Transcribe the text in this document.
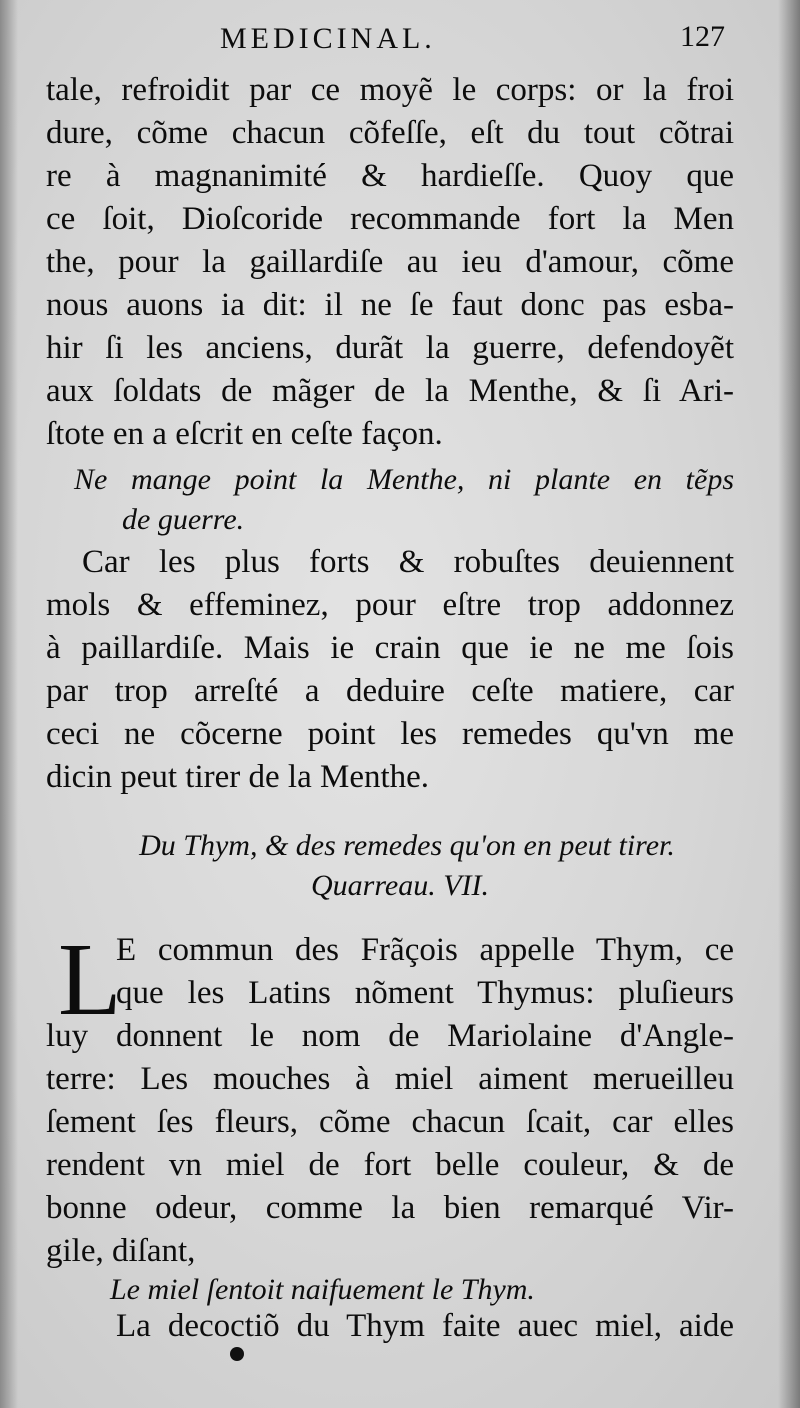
MEDICINAL.	127
tale, refroidit par ce moyẽ le corps: or la froi
dure, cõme chacun cõfeſſe, eſt du tout cõtrai
re à magnanimité & hardieſſe. Quoy que
ce ſoit, Dioſcoride recommande fort la Men
the, pour la gaillardiſe au ieu d'amour, cõme
nous auons ia dit: il ne ſe faut donc pas esba-
hir ſi les anciens, durãt la guerre, defendoyẽt
aux ſoldats de mãger de la Menthe, & ſi Ari-
ſtote en a eſcrit en ceſte façon.
Ne mange point la Menthe, ni plante en tẽps
de guerre.
Car les plus forts & robuſtes deuiennent
mols & effeminez, pour eſtre trop addonnez
à paillardiſe. Mais ie crain que ie ne me ſois
par trop arreſté a deduire ceſte matiere, car
ceci ne cõcerne point les remedes qu'vn me
dicin peut tirer de la Menthe.
Du Thym, & des remedes qu'on en peut tirer.
Quarreau. VII.
L
E commun des Frãçois appelle Thym, ce
que les Latins nõment Thymus: pluſieurs
luy donnent le nom de Mariolaine d'Angle-
terre: Les mouches à miel aiment merueilleu
ſement ſes fleurs, cõme chacun ſcait, car elles
rendent vn miel de fort belle couleur, & de
bonne odeur, comme la bien remarqué Vir-
gile, diſant,
Le miel ſentoit naifuement le Thym.
La decoctiõ du Thym faite auec miel, aide
